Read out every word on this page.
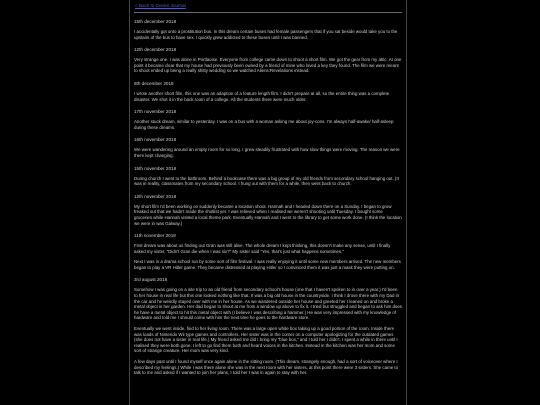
< Back to Dream Journal
15th december 2018
I accidentally got onto a prostitution bus. In this dream certain buses had female passengers that if you sat beside would take you to the upstairs of the bus to have sex. I quickly grew addicted to these buses until I was banned.
12th december 2018
Very strange one. I was alone in Portlaoise. Everyone from college came down to shoot a short film. We got the gear from my attic. At one point it became clear that my house had previously been owned by a friend of mine who loved a key they found. The film we were meant to shoot ended up being a really shitty wedding so we watched Aliens:Revelations instead.
8th december 2018
I wrote another short film, this one was an adaption of a feature length film. I didn't prepare at all, so the entire thing was a complete disaster. We shot it in the back room of a college. All the students there were much older.
17th november 2018
Another stuck dream, similar to yesterday. I was on a bus with a woman asking me about joy-cons. I'm always half-awake/ half-asleep during these dreams.
16th november 2018
We were wandering around an empty room for so long. I grew steadily frustrated with how slow things were moving. The reason we were there kept changing.
15th november 2018
During church I went to the bathroom. Behind a bookcase there was a big group of my old friends from secondary school hanging out. (It was in reality, classmates from my secondary school. I hung out with them for a while, then went back to church.
12th november 2018
My short film I'd been working on suddenly became a location shoot. Hannah and I headed down there on a Sunday. I began to grow freaked out that we hadn't made the shotlist yet. I was relieved when I realised we weren't shooting until Tuesday. I bought some groceries while Hannah visited a local theme park. Eventually Hannah and I went to the library to get some work done. (I think the location we were in was Galway.)
11th november 2018
First dream was about us finding out Gran was still alive. The whole dream I kept thinking, this doesn't make any sense, until I finally asked my sister, "Didn't Gran die when I was six?" My sister said "Yes, that's just what happens sometimes."
Next I was in a drama school run by some sort of film festival. I was really enjoying it until some new members arrived. The new members began to play a VR Hitler game. They became distressed at playing Hitler so I convinced them it was just a mask they were putting on.
3rd august 2018
Somehow I was going on a site trip to an old friend from secondary school's house (one that I haven't spoken to in over a year.) I'd been to her house in real life but this one looked nothing like that. It was a big old house in the countryside. I think I drove there with my Dad in the car and he weirdly stayed over with me in her house. As we wandered outside her house and greeted her I leaned on and broke a metal object in her garden. Her dad began to shout at me from a window up above to fix it. I tried but struggled and began to ask him does he have a metal object to hit this metal object with (I believe I was describing a hammer.) He was very impressed with my knowledge of hardware and told me I should come with him the next time he goes to the hardware store.
Eventually we went inside, find to her living room. There was a large open white box taking up a good portion of the room. Inside there was loads of Nintendo Wii type games and controllers. Her sister was in the corner on a computer apologizing for the outdated games (she does not have a sister in real life.) My friend asked me did I bring my "blue box," and I told her I didn't. I spent a while in there until I realised they were both gone. I left to go find them both and heard voices in the kitchen. Instead in the kitchen was her mom and some sort of strange creature. Her mom was very kind.
A few days past until I found myself once again alone in the sitting room. (This dream, strangely enough, had a sort of voiceover where I described my feelings.) While I was there alone she was in the next room with her sisters, at this point there were 3 sisters. She came to talk to me and asked if I wanted to join her plans, I told her I was in again to stay with her.
